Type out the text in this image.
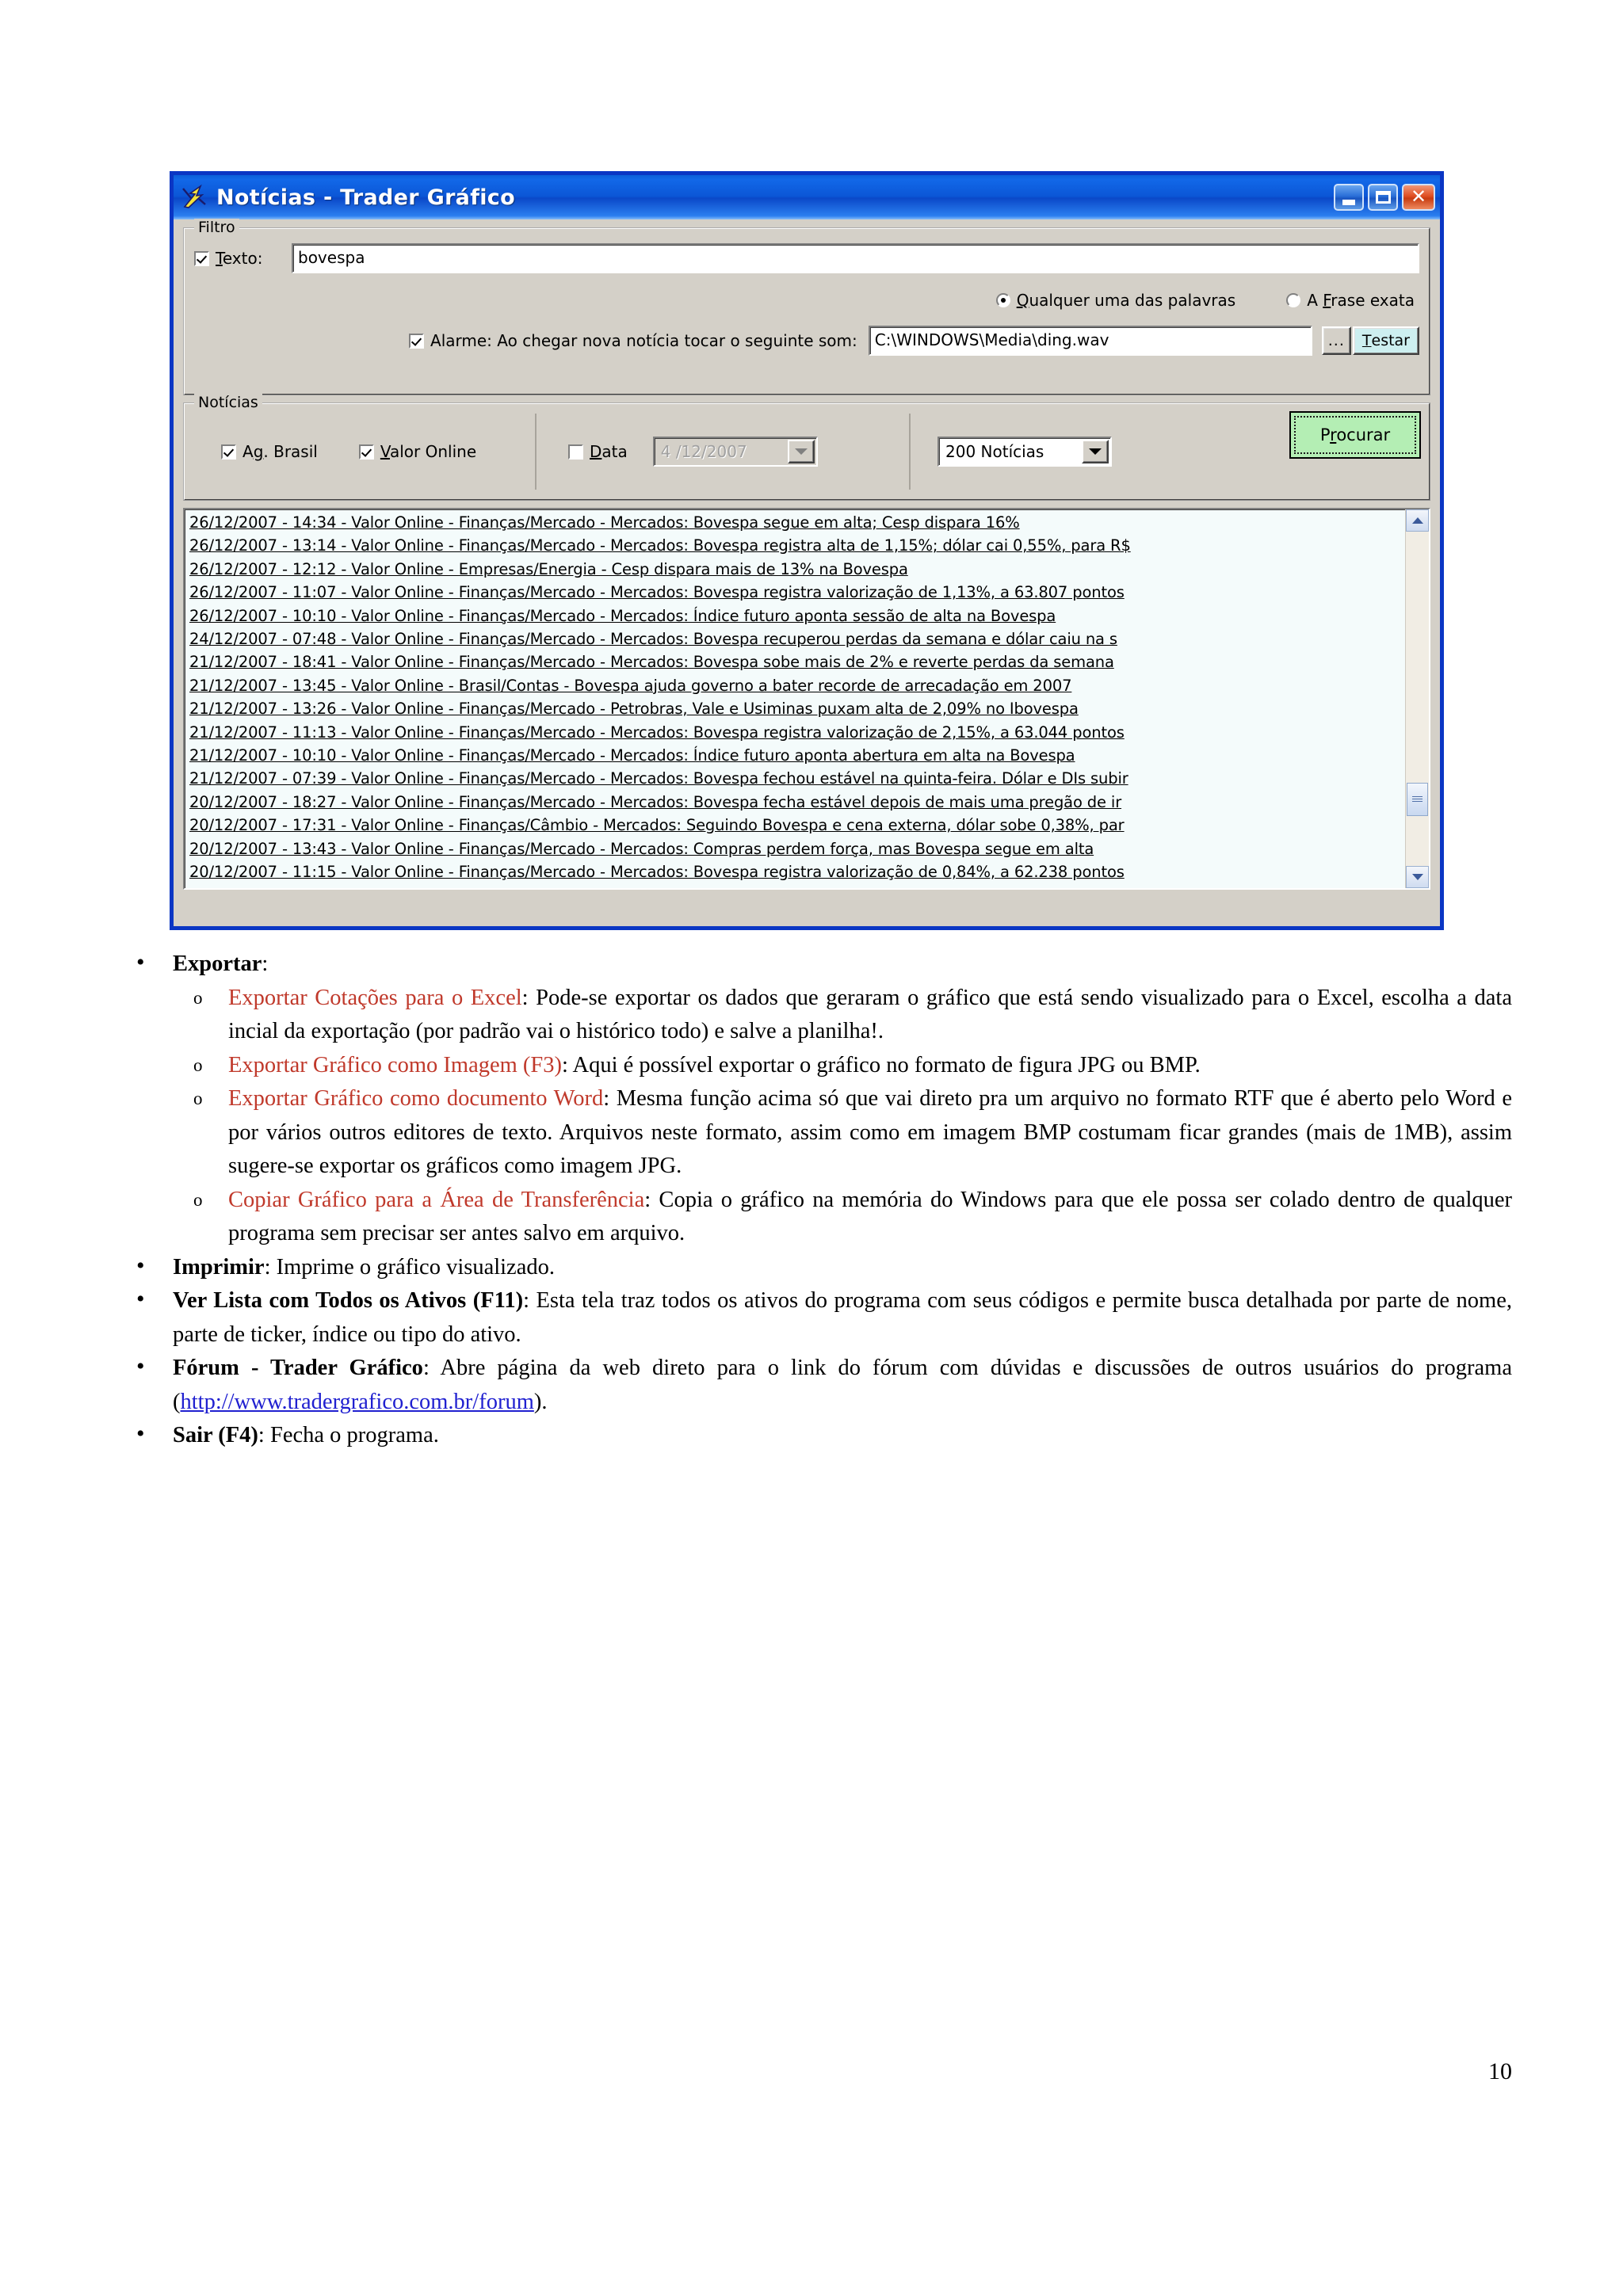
Notícias - Trader Gráfico	✕
Filtro
Texto:	bovespa
Qualquer uma das palavras	A Frase exata
Alarme: Ao chegar nova notícia tocar o seguinte som:	C:\WINDOWS\Media\ding.wav	...	T estar
Notícias
Ag. Brasil	Valor Online	Data	4 /12/2007	200 Notícias
Procurar
26/12/2007 - 14:34 - Valor Online - Finanças/Mercado - Mercados: Bovespa segue em alta; Cesp dispara 16%
26/12/2007 - 13:14 - Valor Online - Finanças/Mercado - Mercados: Bovespa registra alta de 1,15%; dólar cai 0,55%, para R$
26/12/2007 - 12:12 - Valor Online - Empresas/Energia - Cesp dispara mais de 13% na Bovespa
26/12/2007 - 11:07 - Valor Online - Finanças/Mercado - Mercados: Bovespa registra valorização de 1,13%, a 63.807 pontos
26/12/2007 - 10:10 - Valor Online - Finanças/Mercado - Mercados: Índice futuro aponta sessão de alta na Bovespa
24/12/2007 - 07:48 - Valor Online - Finanças/Mercado - Mercados: Bovespa recuperou perdas da semana e dólar caiu na s
21/12/2007 - 18:41 - Valor Online - Finanças/Mercado - Mercados: Bovespa sobe mais de 2% e reverte perdas da semana
21/12/2007 - 13:45 - Valor Online - Brasil/Contas - Bovespa ajuda governo a bater recorde de arrecadação em 2007
21/12/2007 - 13:26 - Valor Online - Finanças/Mercado - Petrobras, Vale e Usiminas puxam alta de 2,09% no Ibovespa
21/12/2007 - 11:13 - Valor Online - Finanças/Mercado - Mercados: Bovespa registra valorização de 2,15%, a 63.044 pontos
21/12/2007 - 10:10 - Valor Online - Finanças/Mercado - Mercados: Índice futuro aponta abertura em alta na Bovespa
21/12/2007 - 07:39 - Valor Online - Finanças/Mercado - Mercados: Bovespa fechou estável na quinta-feira. Dólar e DIs subir
20/12/2007 - 18:27 - Valor Online - Finanças/Mercado - Mercados: Bovespa fecha estável depois de mais uma pregão de ir
20/12/2007 - 17:31 - Valor Online - Finanças/Câmbio - Mercados: Seguindo Bovespa e cena externa, dólar sobe 0,38%, par
20/12/2007 - 13:43 - Valor Online - Finanças/Mercado - Mercados: Compras perdem força, mas Bovespa segue em alta
20/12/2007 - 11:15 - Valor Online - Finanças/Mercado - Mercados: Bovespa registra valorização de 0,84%, a 62.238 pontos
• Exportar:
o Exportar Cotações para o Excel: Pode-se exportar os dados que geraram o gráfico que está sendo visualizado para o Excel, escolha a data incial da exportação (por padrão vai o histórico todo) e salve a planilha!.
o Exportar Gráfico como Imagem (F3): Aqui é possível exportar o gráfico no formato de figura JPG ou BMP.
o Exportar Gráfico como documento Word: Mesma função acima só que vai direto pra um arquivo no formato RTF que é aberto pelo Word e por vários outros editores de texto. Arquivos neste formato, assim como em imagem BMP costumam ficar grandes (mais de 1MB), assim sugere-se exportar os gráficos como imagem JPG.
o Copiar Gráfico para a Área de Transferência: Copia o gráfico na memória do Windows para que ele possa ser colado dentro de qualquer programa sem precisar ser antes salvo em arquivo.
• Imprimir: Imprime o gráfico visualizado.
• Ver Lista com Todos os Ativos (F11): Esta tela traz todos os ativos do programa com seus códigos e permite busca detalhada por parte de nome, parte de ticker, índice ou tipo do ativo.
• Fórum - Trader Gráfico: Abre página da web direto para o link do fórum com dúvidas e discussões de outros usuários do programa (http://www.tradergrafico.com.br/forum).
• Sair (F4): Fecha o programa.
10
